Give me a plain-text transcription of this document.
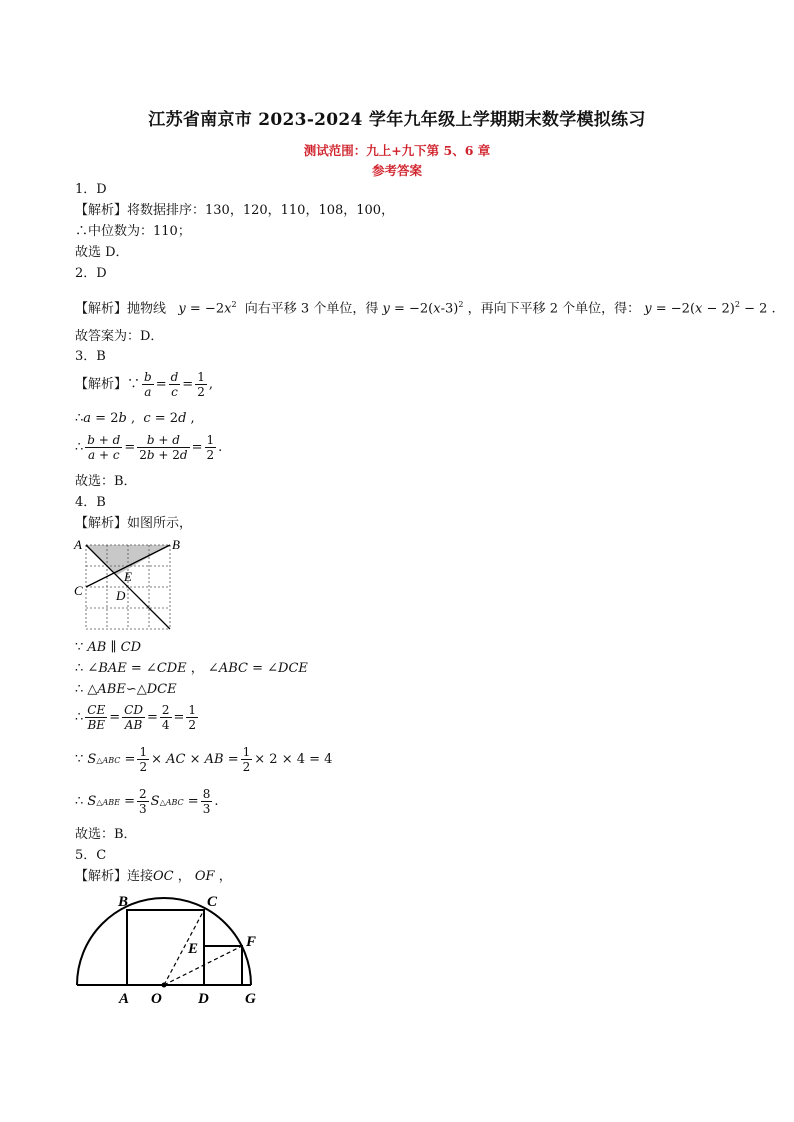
江苏省南京市 2023-2024 学年九年级上学期期末数学模拟练习
测试范围：九上+九下第 5、6 章
参考答案
1．D
【解析】将数据排序：130，120，110，108，100，
∴中位数为：110；
故选 D．
2．D
【解析】抛物线   $y = -2x^2$ 向右平移 3 个单位，得 $y = -2(x-3)^2$ ，再向下平移 2 个单位，得： $y = -2(x - 2)^2 - 2$ .
故答案为：D．
3．B
【解析】∵ $\frac{b}{a} = \frac{d}{c} = \frac{1}{2}$ ,
∴a = 2b ,  c = 2d ,
∴ $\frac{b + d}{a + c} = \frac{b + d}{2b + 2d} = \frac{1}{2}$ .
故选：B．
4．B
【解析】如图所示，
A	B
C	D
E
∵ AB ∥ CD
∴ ∠BAE = ∠CDE ， ∠ABC = ∠DCE
∴ △ABE∽△DCE
∴ $\frac{CE}{BE} = \frac{CD}{AB} = \frac{2}{4} = \frac{1}{2}$
∵ S△ABC = $\frac{1}{2}$ × AC × AB = $\frac{1}{2} \times 2 \times 4 = 4$
∴ S△ABE = $\frac{2}{3}$ S△ABC = $\frac{8}{3}$ .
故选：B．
5．C
【解析】连接OC ， OF ，
B	C
E	F
A O D G
